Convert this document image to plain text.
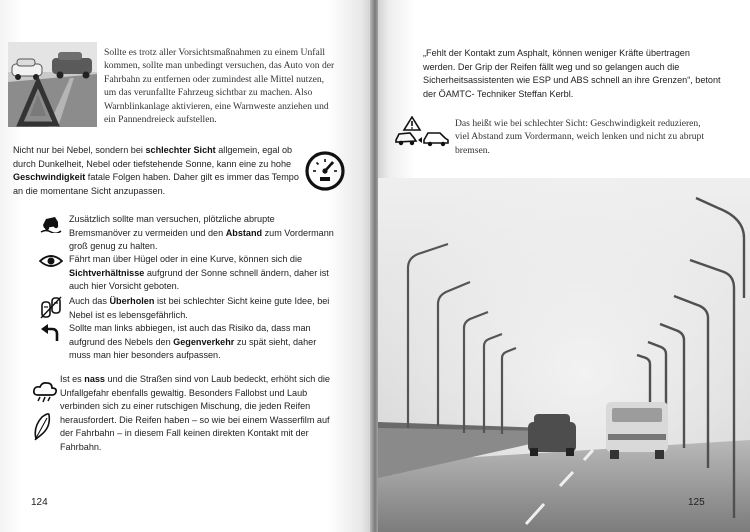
Sollte es trotz aller Vorsichtsmaßnahmen zu einem Unfall kommen, sollte man unbedingt versuchen, das Auto von der Fahrbahn zu entfernen oder zumindest alle Mittel nutzen, um das verunfallte Fahrzeug sichtbar zu machen. Also Warnblinkanlage aktivieren, eine Warnweste anziehen und ein Pannendreieck aufstellen.

Nicht nur bei Nebel, sondern bei schlechter Sicht allgemein, egal ob durch Dunkelheit, Nebel oder tiefstehende Sonne, kann eine zu hohe Geschwindigkeit fatale Folgen haben. Daher gilt es immer das Tempo an die momentane Sicht anzupassen.

Zusätzlich sollte man versuchen, plötzliche abrupte Bremsmanöver zu vermeiden und den Abstand zum Vordermann groß genug zu halten.

Fährt man über Hügel oder in eine Kurve, können sich die Sichtverhältnisse aufgrund der Sonne schnell ändern, daher ist auch hier Vorsicht geboten.

Auch das Überholen ist bei schlechter Sicht keine gute Idee, bei Nebel ist es lebensgefährlich.

Sollte man links abbiegen, ist auch das Risiko da, dass man aufgrund des Nebels den Gegenverkehr zu spät sieht, daher muss man hier besonders aufpassen.

Ist es nass und die Straßen sind von Laub bedeckt, erhöht sich die Unfallgefahr ebenfalls gewaltig. Besonders Fallobst und Laub verbinden sich zu einer rutschigen Mischung, die jeden Reifen herausfordert. Die Reifen haben – so wie bei einem Wasserfilm auf der Fahrbahn – in diesem Fall keinen direkten Kontakt mit der Fahrbahn.

124

„Fehlt der Kontakt zum Asphalt, können weniger Kräfte übertragen werden. Der Grip der Reifen fällt weg und so gelangen auch die Sicherheitsassistenten wie ESP und ABS schnell an ihre Grenzen“, betont der ÖAMTC- Techniker Steffan Kerbl.

Das heißt wie bei schlechter Sicht: Geschwindigkeit reduzieren, viel Abstand zum Vordermann, weich lenken und nicht zu abrupt bremsen.

125
